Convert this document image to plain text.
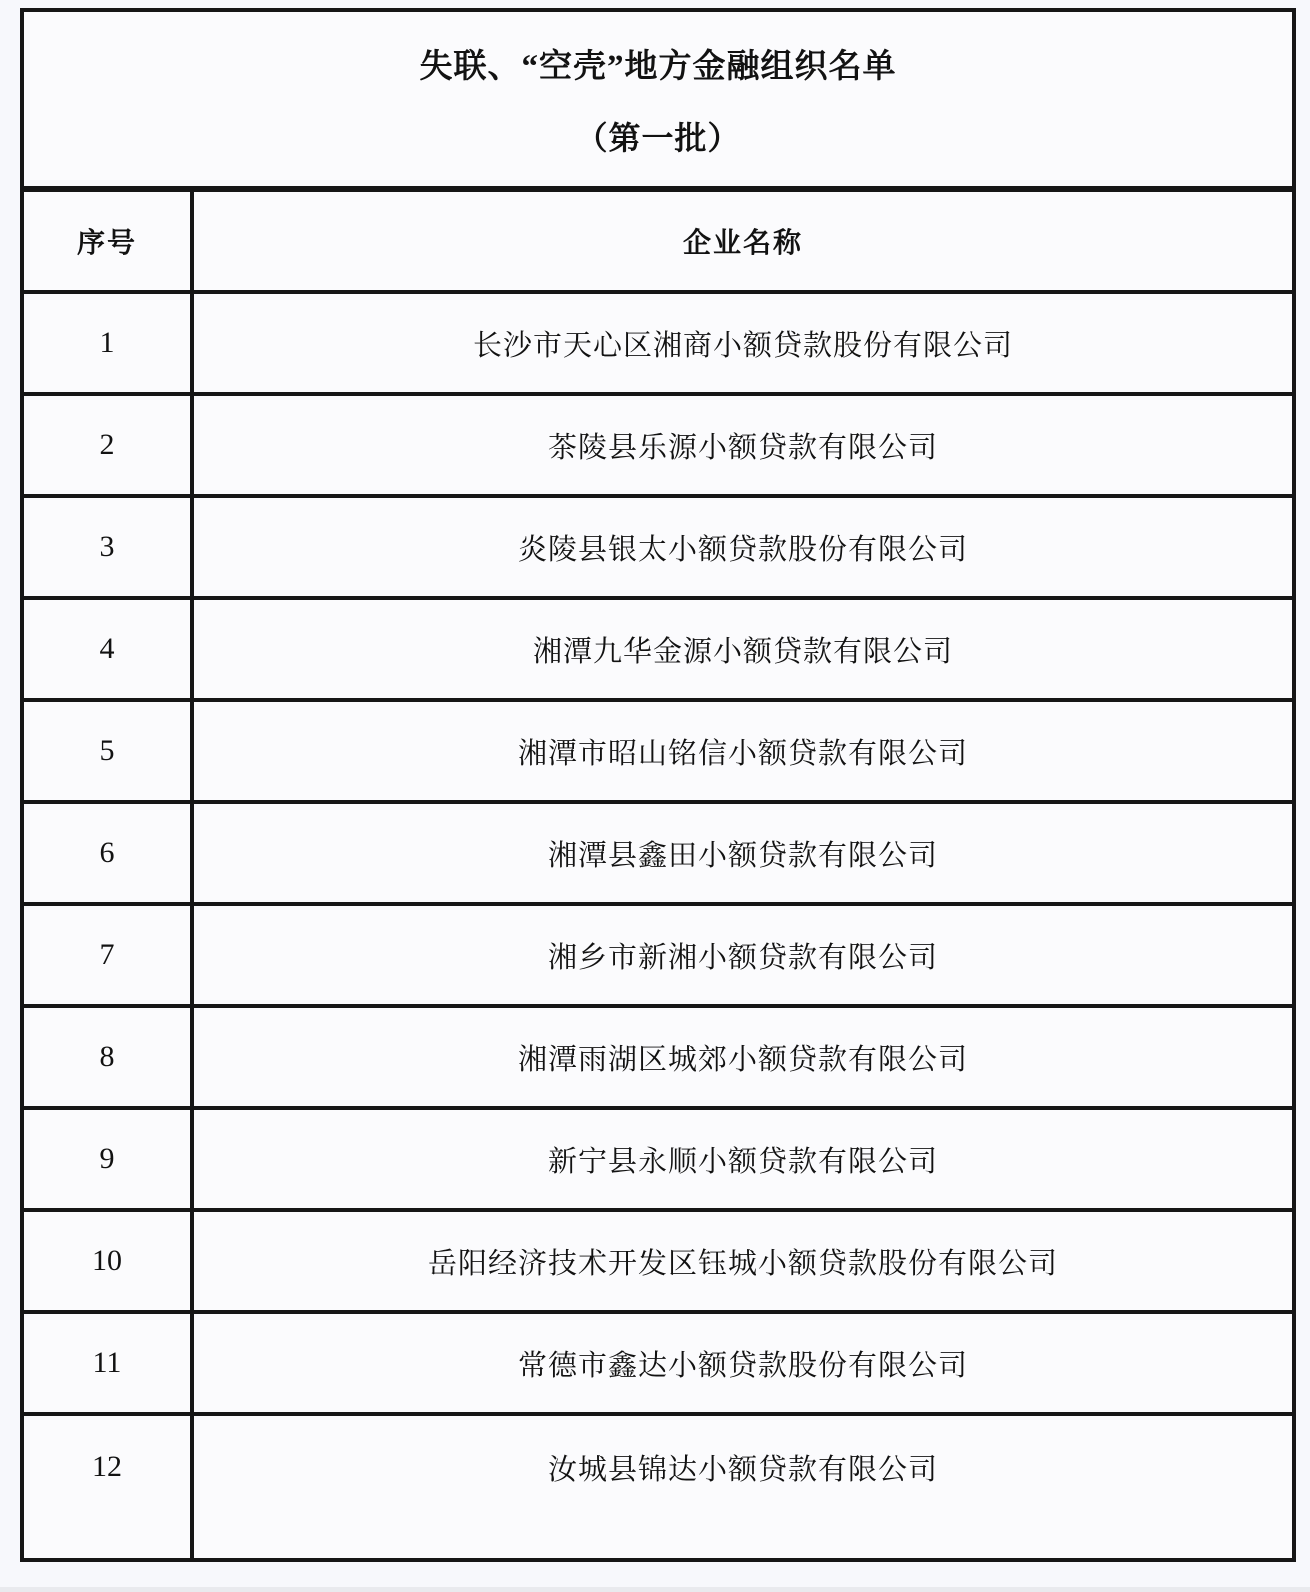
失联、“空壳”地方金融组织名单
（第一批）
序号	企业名称
1	长沙市天心区湘商小额贷款股份有限公司
2	茶陵县乐源小额贷款有限公司
3	炎陵县银太小额贷款股份有限公司
4	湘潭九华金源小额贷款有限公司
5	湘潭市昭山铭信小额贷款有限公司
6	湘潭县鑫田小额贷款有限公司
7	湘乡市新湘小额贷款有限公司
8	湘潭雨湖区城郊小额贷款有限公司
9	新宁县永顺小额贷款有限公司
10	岳阳经济技术开发区钰城小额贷款股份有限公司
11	常德市鑫达小额贷款股份有限公司
12	汝城县锦达小额贷款有限公司
